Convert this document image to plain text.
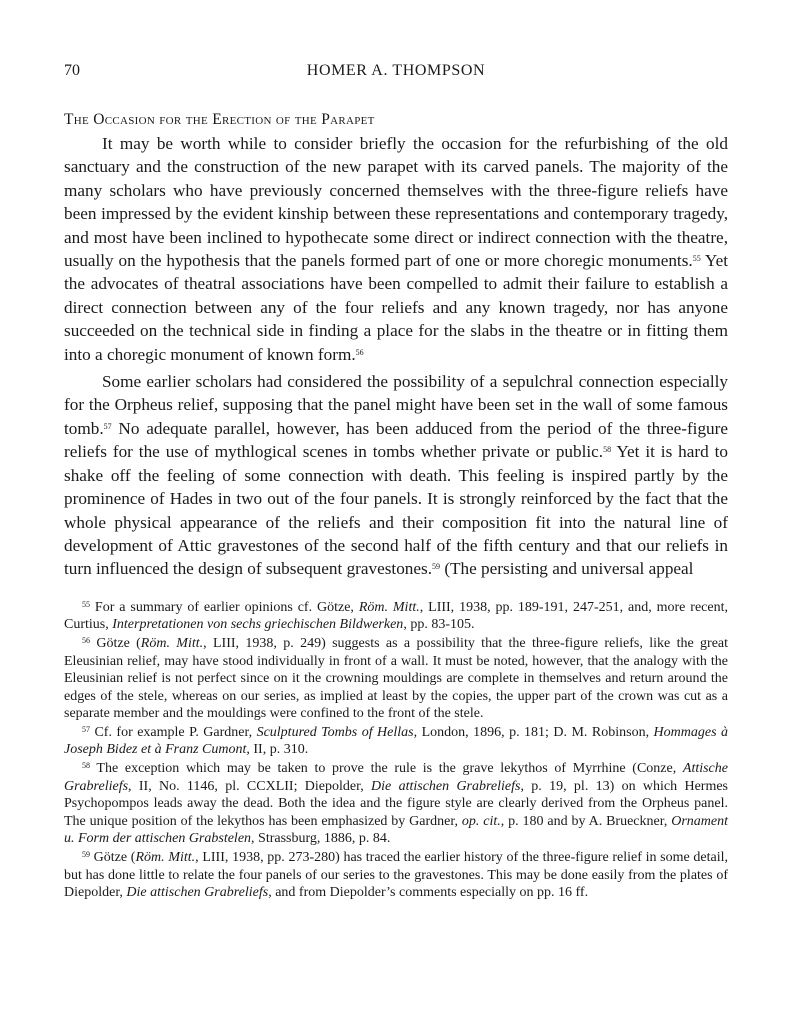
70	HOMER A. THOMPSON
The Occasion for the Erection of the Parapet

It may be worth while to consider briefly the occasion for the refurbishing of the old sanctuary and the construction of the new parapet with its carved panels. The majority of the many scholars who have previously concerned themselves with the three-figure reliefs have been impressed by the evident kinship between these representations and contemporary tragedy, and most have been inclined to hypothecate some direct or indirect connection with the theatre, usually on the hypothesis that the panels formed part of one or more choregic monuments.$^{55}$ Yet the advocates of theatral associations have been compelled to admit their failure to establish a direct connection between any of the four reliefs and any known tragedy, nor has anyone succeeded on the technical side in finding a place for the slabs in the theatre or in fitting them into a choregic monument of known form.$^{56}$

Some earlier scholars had considered the possibility of a sepulchral connection especially for the Orpheus relief, supposing that the panel might have been set in the wall of some famous tomb.$^{57}$ No adequate parallel, however, has been adduced from the period of the three-figure reliefs for the use of mythlogical scenes in tombs whether private or public.$^{58}$ Yet it is hard to shake off the feeling of some connection with death. This feeling is inspired partly by the prominence of Hades in two out of the four panels. It is strongly reinforced by the fact that the whole physical appearance of the reliefs and their composition fit into the natural line of development of Attic gravestones of the second half of the fifth century and that our reliefs in turn influenced the design of subsequent gravestones.$^{59}$ (The persisting and universal appeal

$^{55}$ For a summary of earlier opinions cf. Götze, Röm. Mitt., LIII, 1938, pp. 189-191, 247-251, and, more recent, Curtius, Interpretationen von sechs griechischen Bildwerken, pp. 83-105.

$^{56}$ Götze (Röm. Mitt., LIII, 1938, p. 249) suggests as a possibility that the three-figure reliefs, like the great Eleusinian relief, may have stood individually in front of a wall. It must be noted, however, that the analogy with the Eleusinian relief is not perfect since on it the crowning mouldings are complete in themselves and return around the edges of the stele, whereas on our series, as implied at least by the copies, the upper part of the crown was cut as a separate member and the mouldings were confined to the front of the stele.

$^{57}$ Cf. for example P. Gardner, Sculptured Tombs of Hellas, London, 1896, p. 181; D. M. Robinson, Hommages à Joseph Bidez et à Franz Cumont, II, p. 310.

$^{58}$ The exception which may be taken to prove the rule is the grave lekythos of Myrrhine (Conze, Attische Grabreliefs, II, No. 1146, pl. CCXLII; Diepolder, Die attischen Grabreliefs, p. 19, pl. 13) on which Hermes Psychopompos leads away the dead. Both the idea and the figure style are clearly derived from the Orpheus panel. The unique position of the lekythos has been emphasized by Gardner, op. cit., p. 180 and by A. Brueckner, Ornament u. Form der attischen Grabstelen, Strassburg, 1886, p. 84.

$^{59}$ Götze (Röm. Mitt., LIII, 1938, pp. 273-280) has traced the earlier history of the three-figure relief in some detail, but has done little to relate the four panels of our series to the gravestones. This may be done easily from the plates of Diepolder, Die attischen Grabreliefs, and from Diepolder’s comments especially on pp. 16 ff.
